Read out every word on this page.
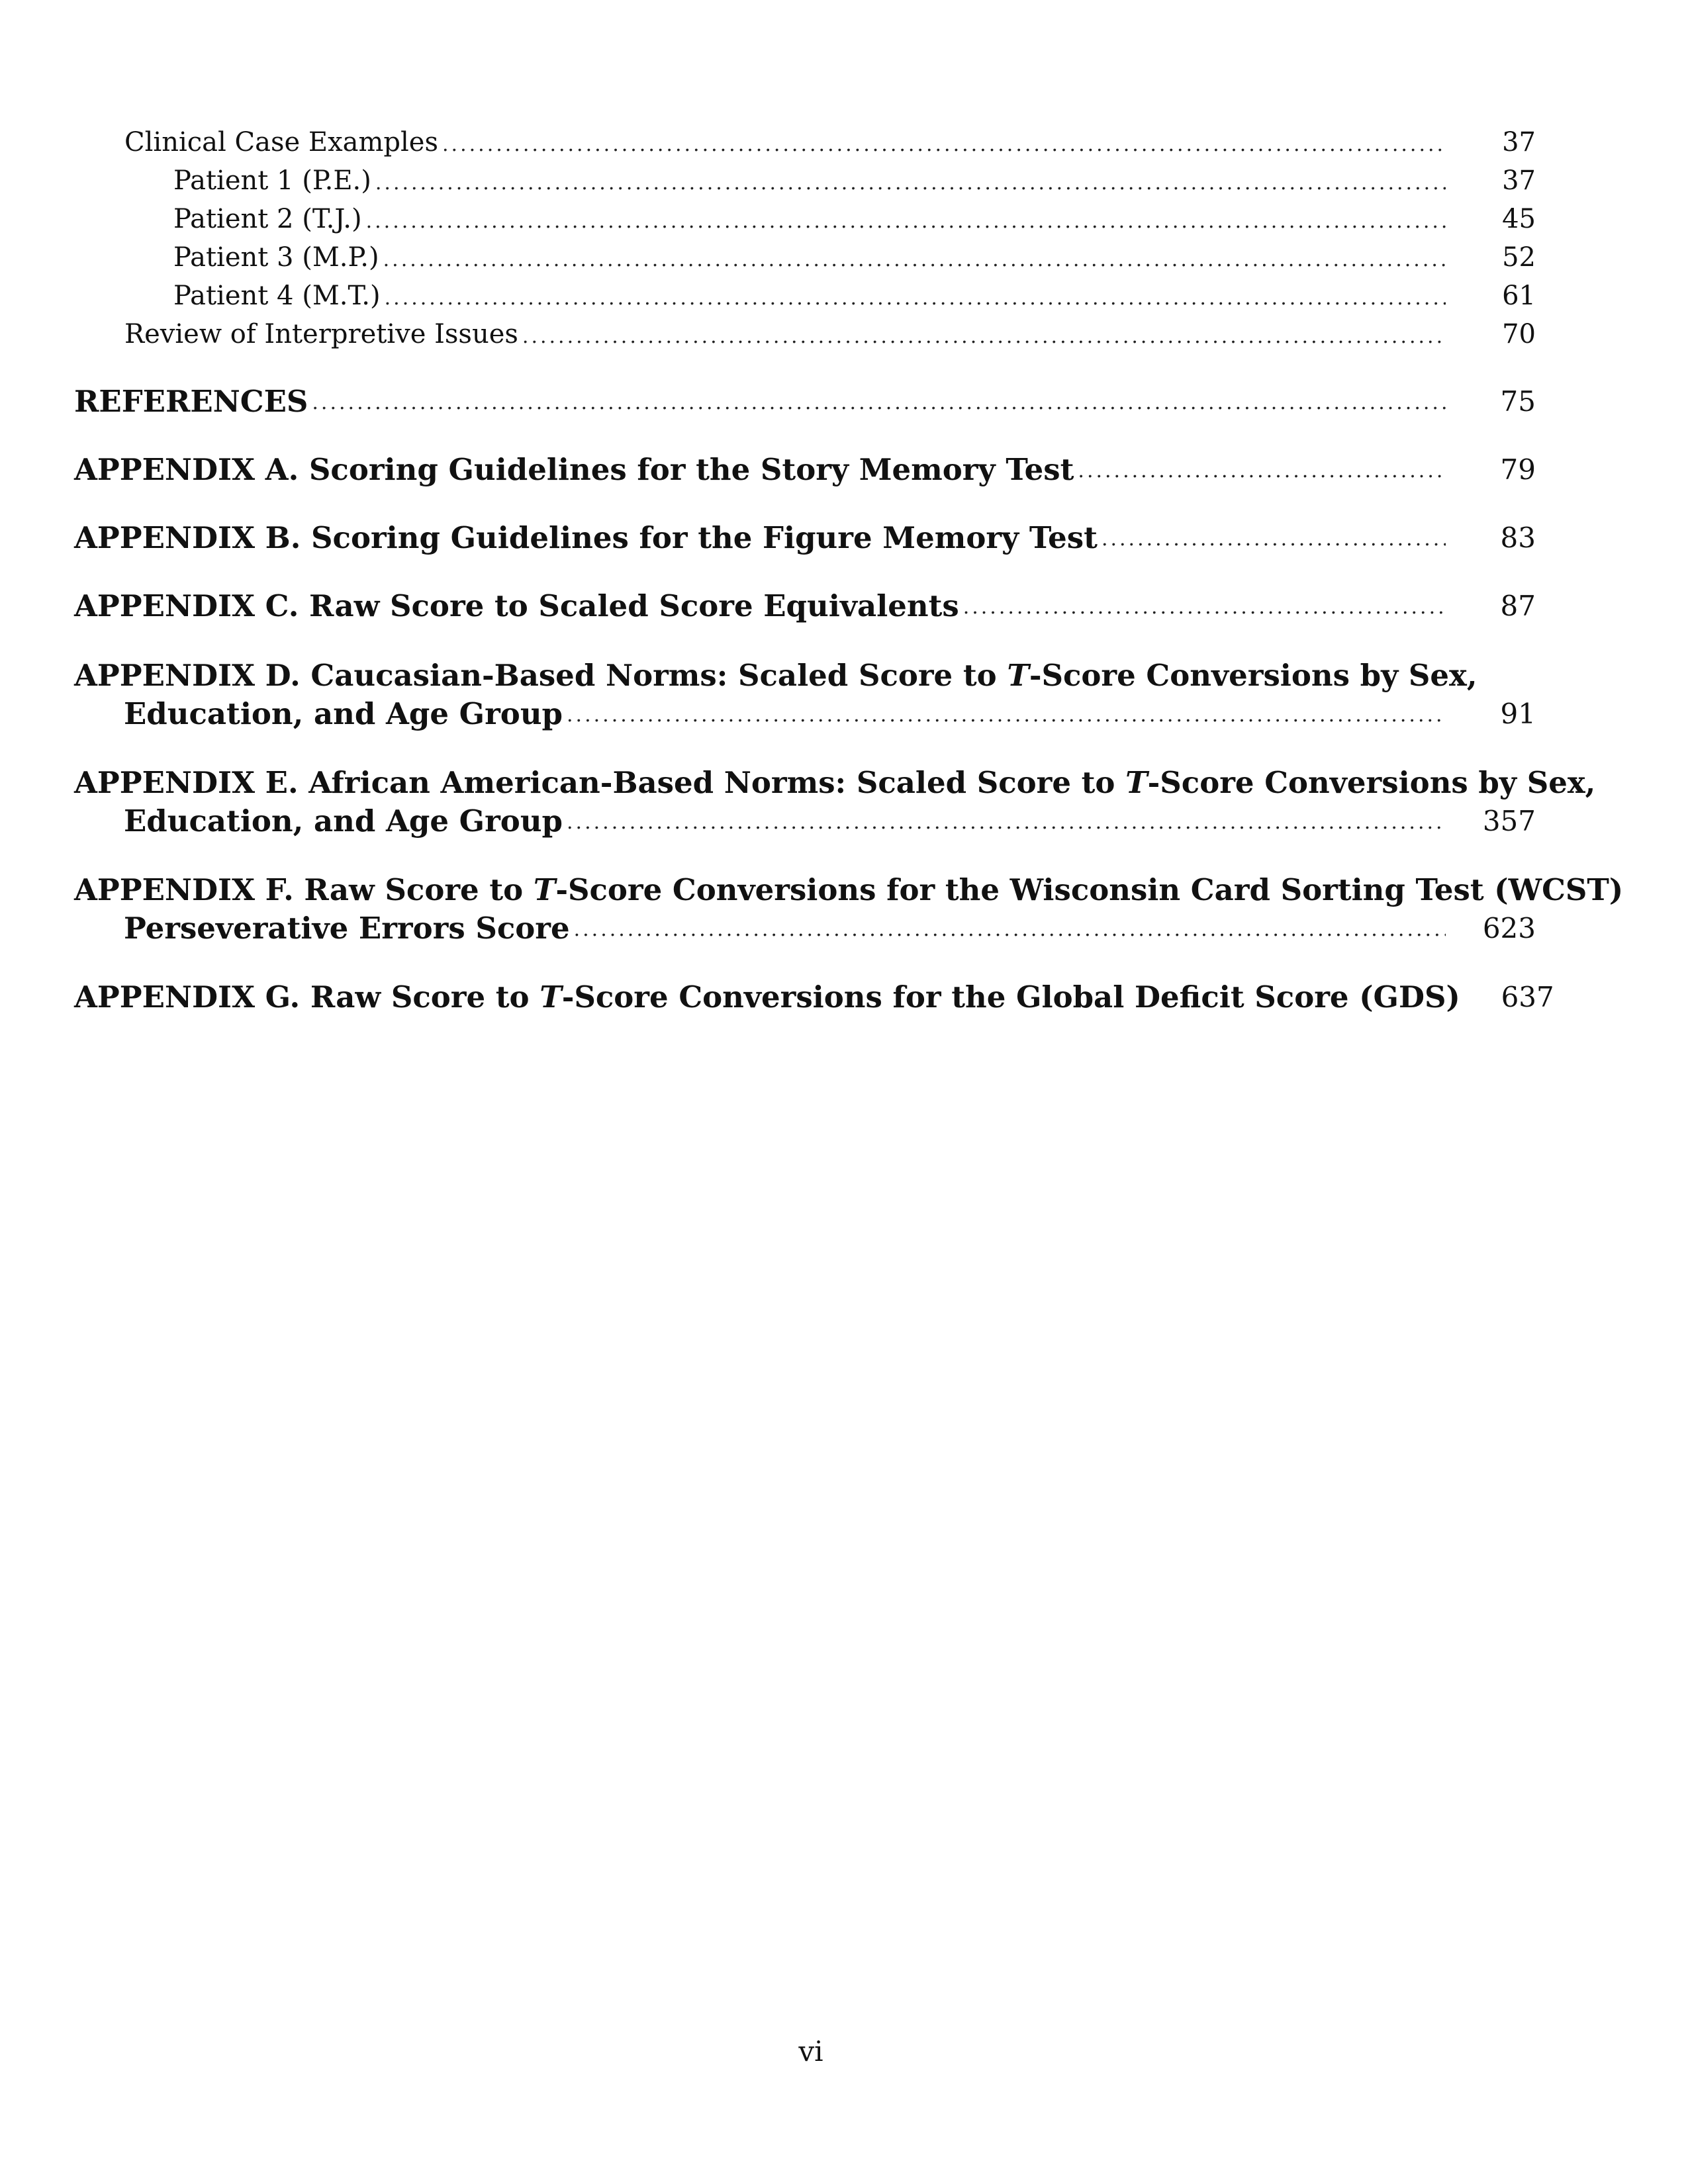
Clinical Case Examples .....	37
Patient 1 (P.E.) .....	37
Patient 2 (T.J.) .....	45
Patient 3 (M.P.) .....	52
Patient 4 (M.T.) .....	61
Review of Interpretive Issues .....	70
REFERENCES .....	75
APPENDIX A. Scoring Guidelines for the Story Memory Test .....	79
APPENDIX B. Scoring Guidelines for the Figure Memory Test .....	83
APPENDIX C. Raw Score to Scaled Score Equivalents .....	87
APPENDIX D. Caucasian-Based Norms: Scaled Score to T-Score Conversions by Sex,
Education, and Age Group .....	91
APPENDIX E. African American-Based Norms: Scaled Score to T-Score Conversions by Sex,
Education, and Age Group .....	357
APPENDIX F. Raw Score to T-Score Conversions for the Wisconsin Card Sorting Test (WCST)
Perseverative Errors Score .....	623
APPENDIX G. Raw Score to T-Score Conversions for the Global Deficit Score (GDS)	637
vi
